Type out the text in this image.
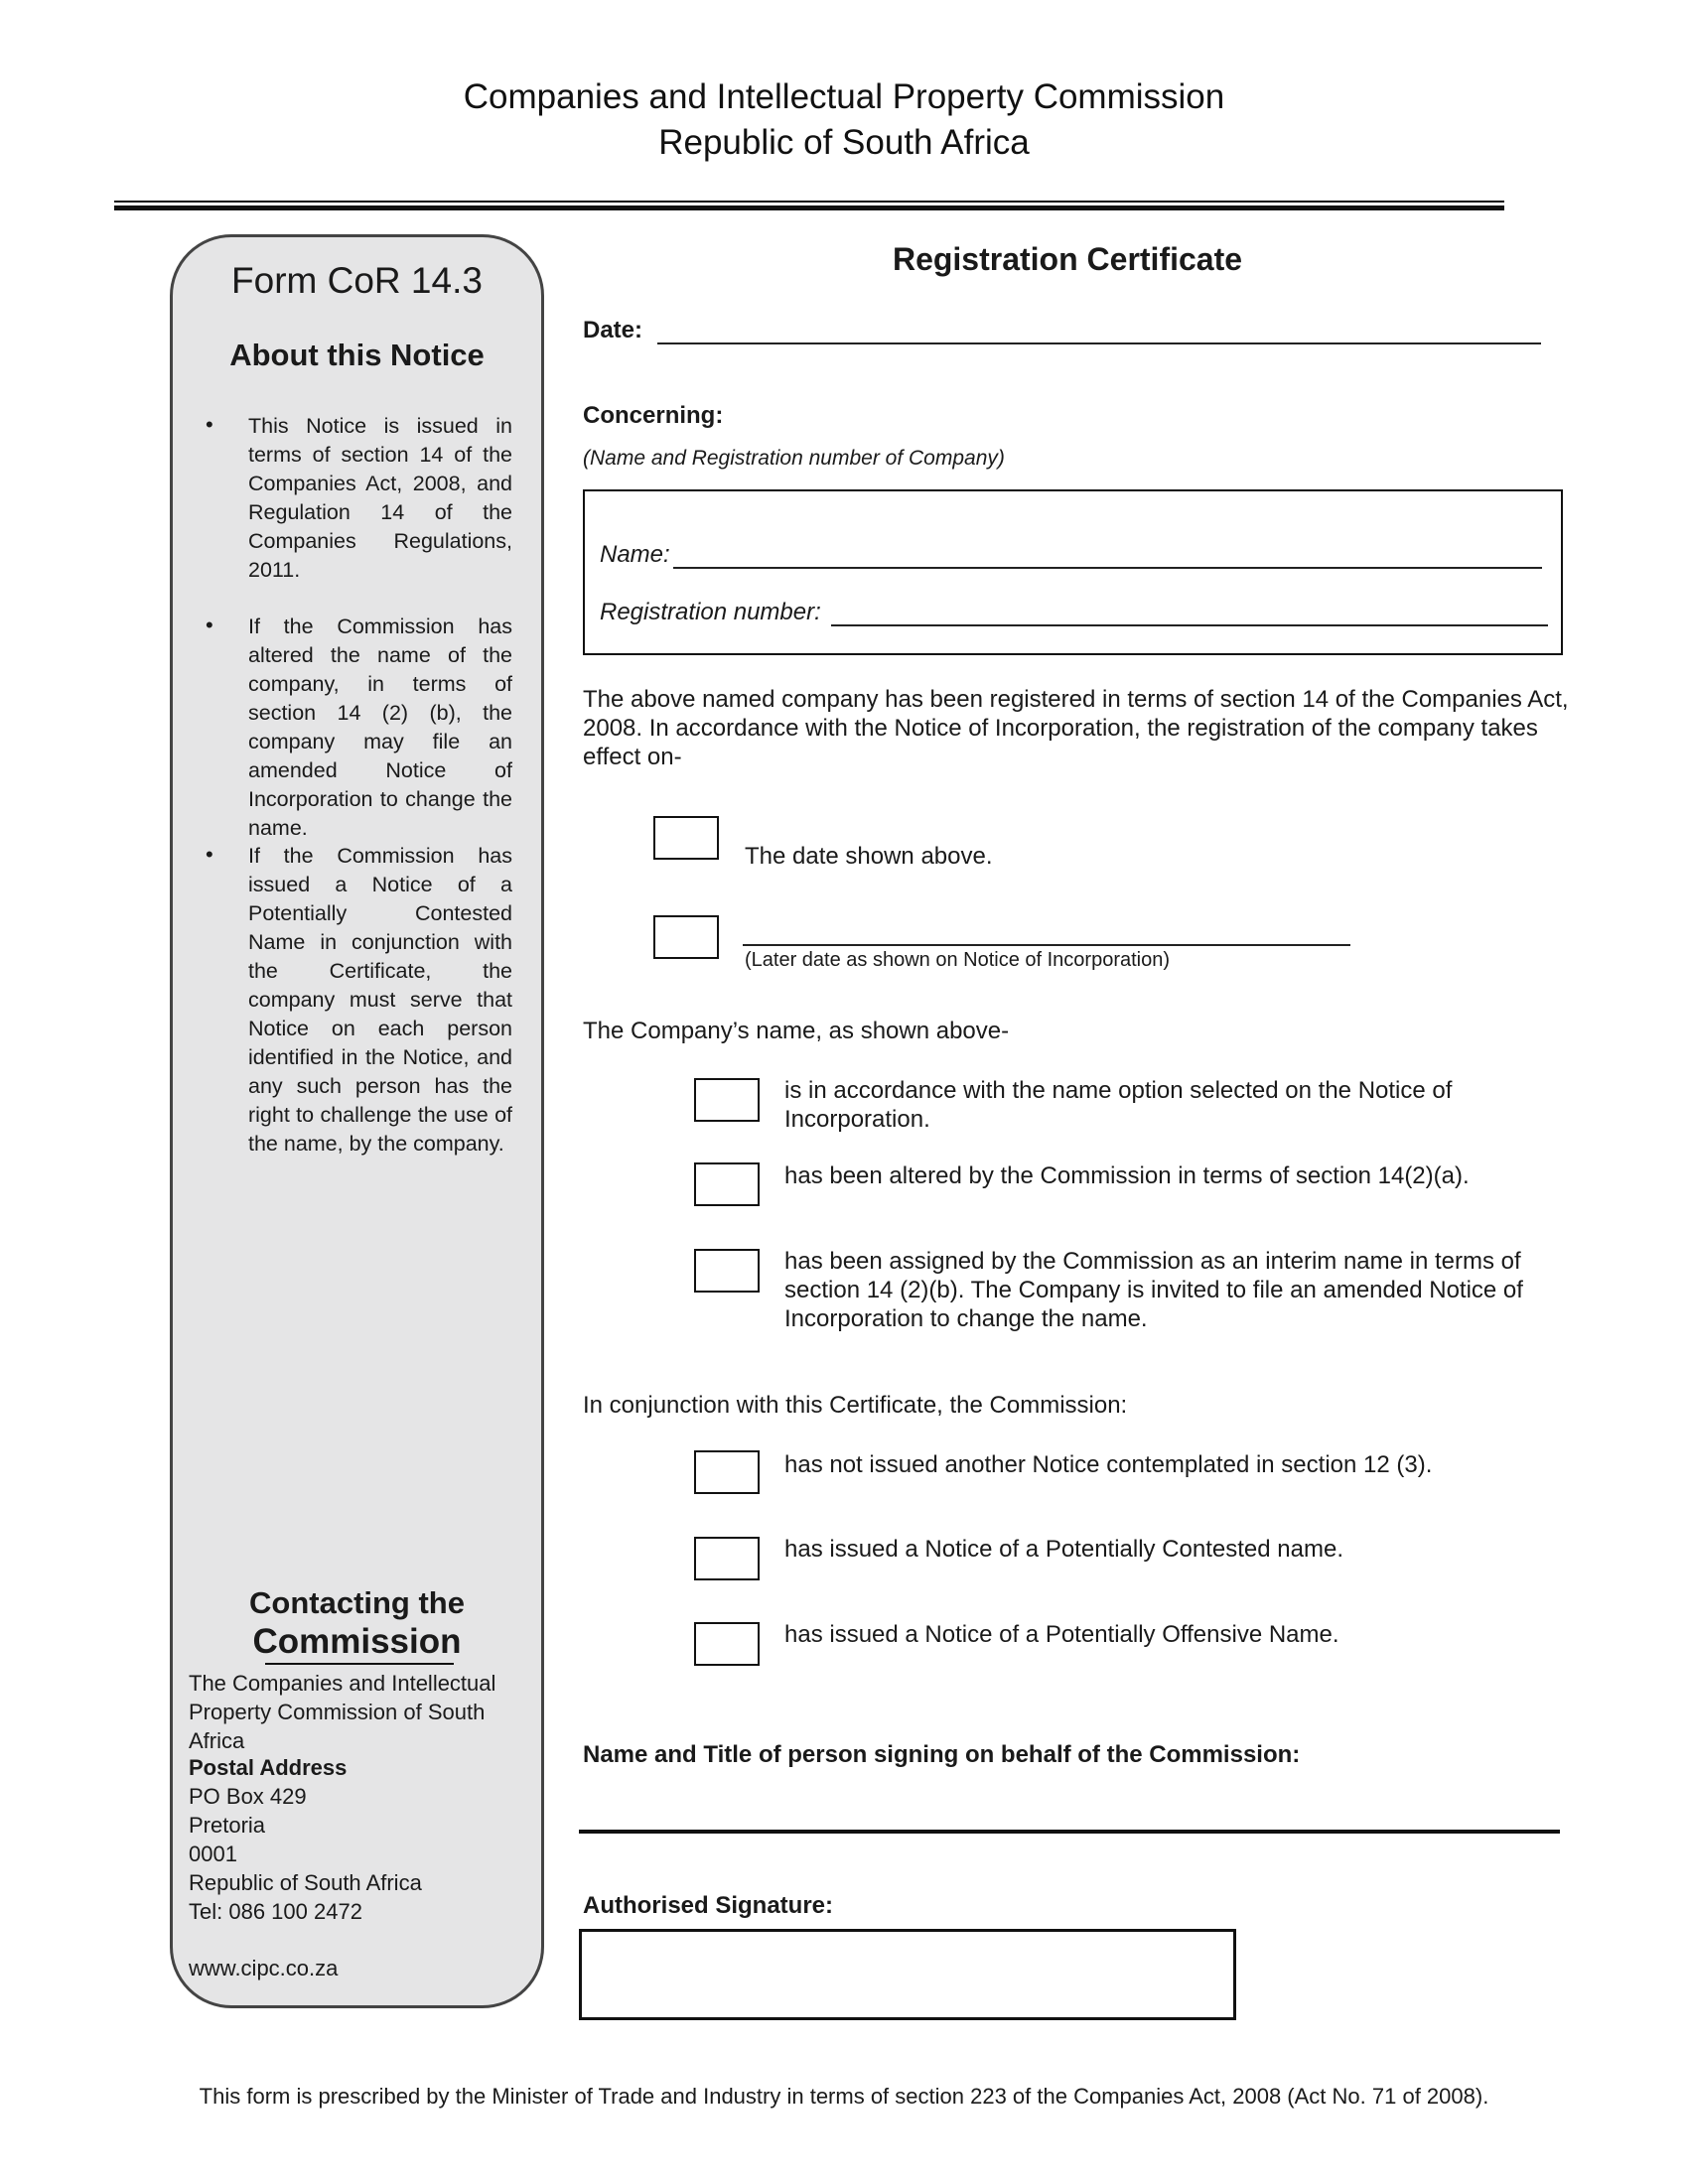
Companies and Intellectual Property Commission
Republic of South Africa
Form CoR 14.3
About this Notice
• This Notice is issued in terms of section 14 of the Companies Act, 2008, and Regulation 14 of the Companies Regulations, 2011.
• If the Commission has altered the name of the company, in terms of section 14 (2) (b), the company may file an amended Notice of Incorporation to change the name.
• If the Commission has issued a Notice of a Potentially Contested Name in conjunction with the Certificate, the company must serve that Notice on each person identified in the Notice, and any such person has the right to challenge the use of the name, by the company.
Contacting the
Commission
The Companies and Intellectual Property Commission of South Africa
Postal Address
PO Box 429
Pretoria
0001
Republic of South Africa
Tel: 086 100 2472
www.cipc.co.za
Registration Certificate
Date:
Concerning:
(Name and Registration number of Company)
Name:
Registration number:
The above named company has been registered in terms of section 14 of the Companies Act, 2008. In accordance with the Notice of Incorporation, the registration of the company takes effect on-
The date shown above.
(Later date as shown on Notice of Incorporation)
The Company’s name, as shown above-
is in accordance with the name option selected on the Notice of Incorporation.
has been altered by the Commission in terms of section 14(2)(a).
has been assigned by the Commission as an interim name in terms of section 14 (2)(b). The Company is invited to file an amended Notice of Incorporation to change the name.
In conjunction with this Certificate, the Commission:
has not issued another Notice contemplated in section 12 (3).
has issued a Notice of a Potentially Contested name.
has issued a Notice of a Potentially Offensive Name.
Name and Title of person signing on behalf of the Commission:
Authorised Signature:
This form is prescribed by the Minister of Trade and Industry in terms of section 223 of the Companies Act, 2008 (Act No. 71 of 2008).
